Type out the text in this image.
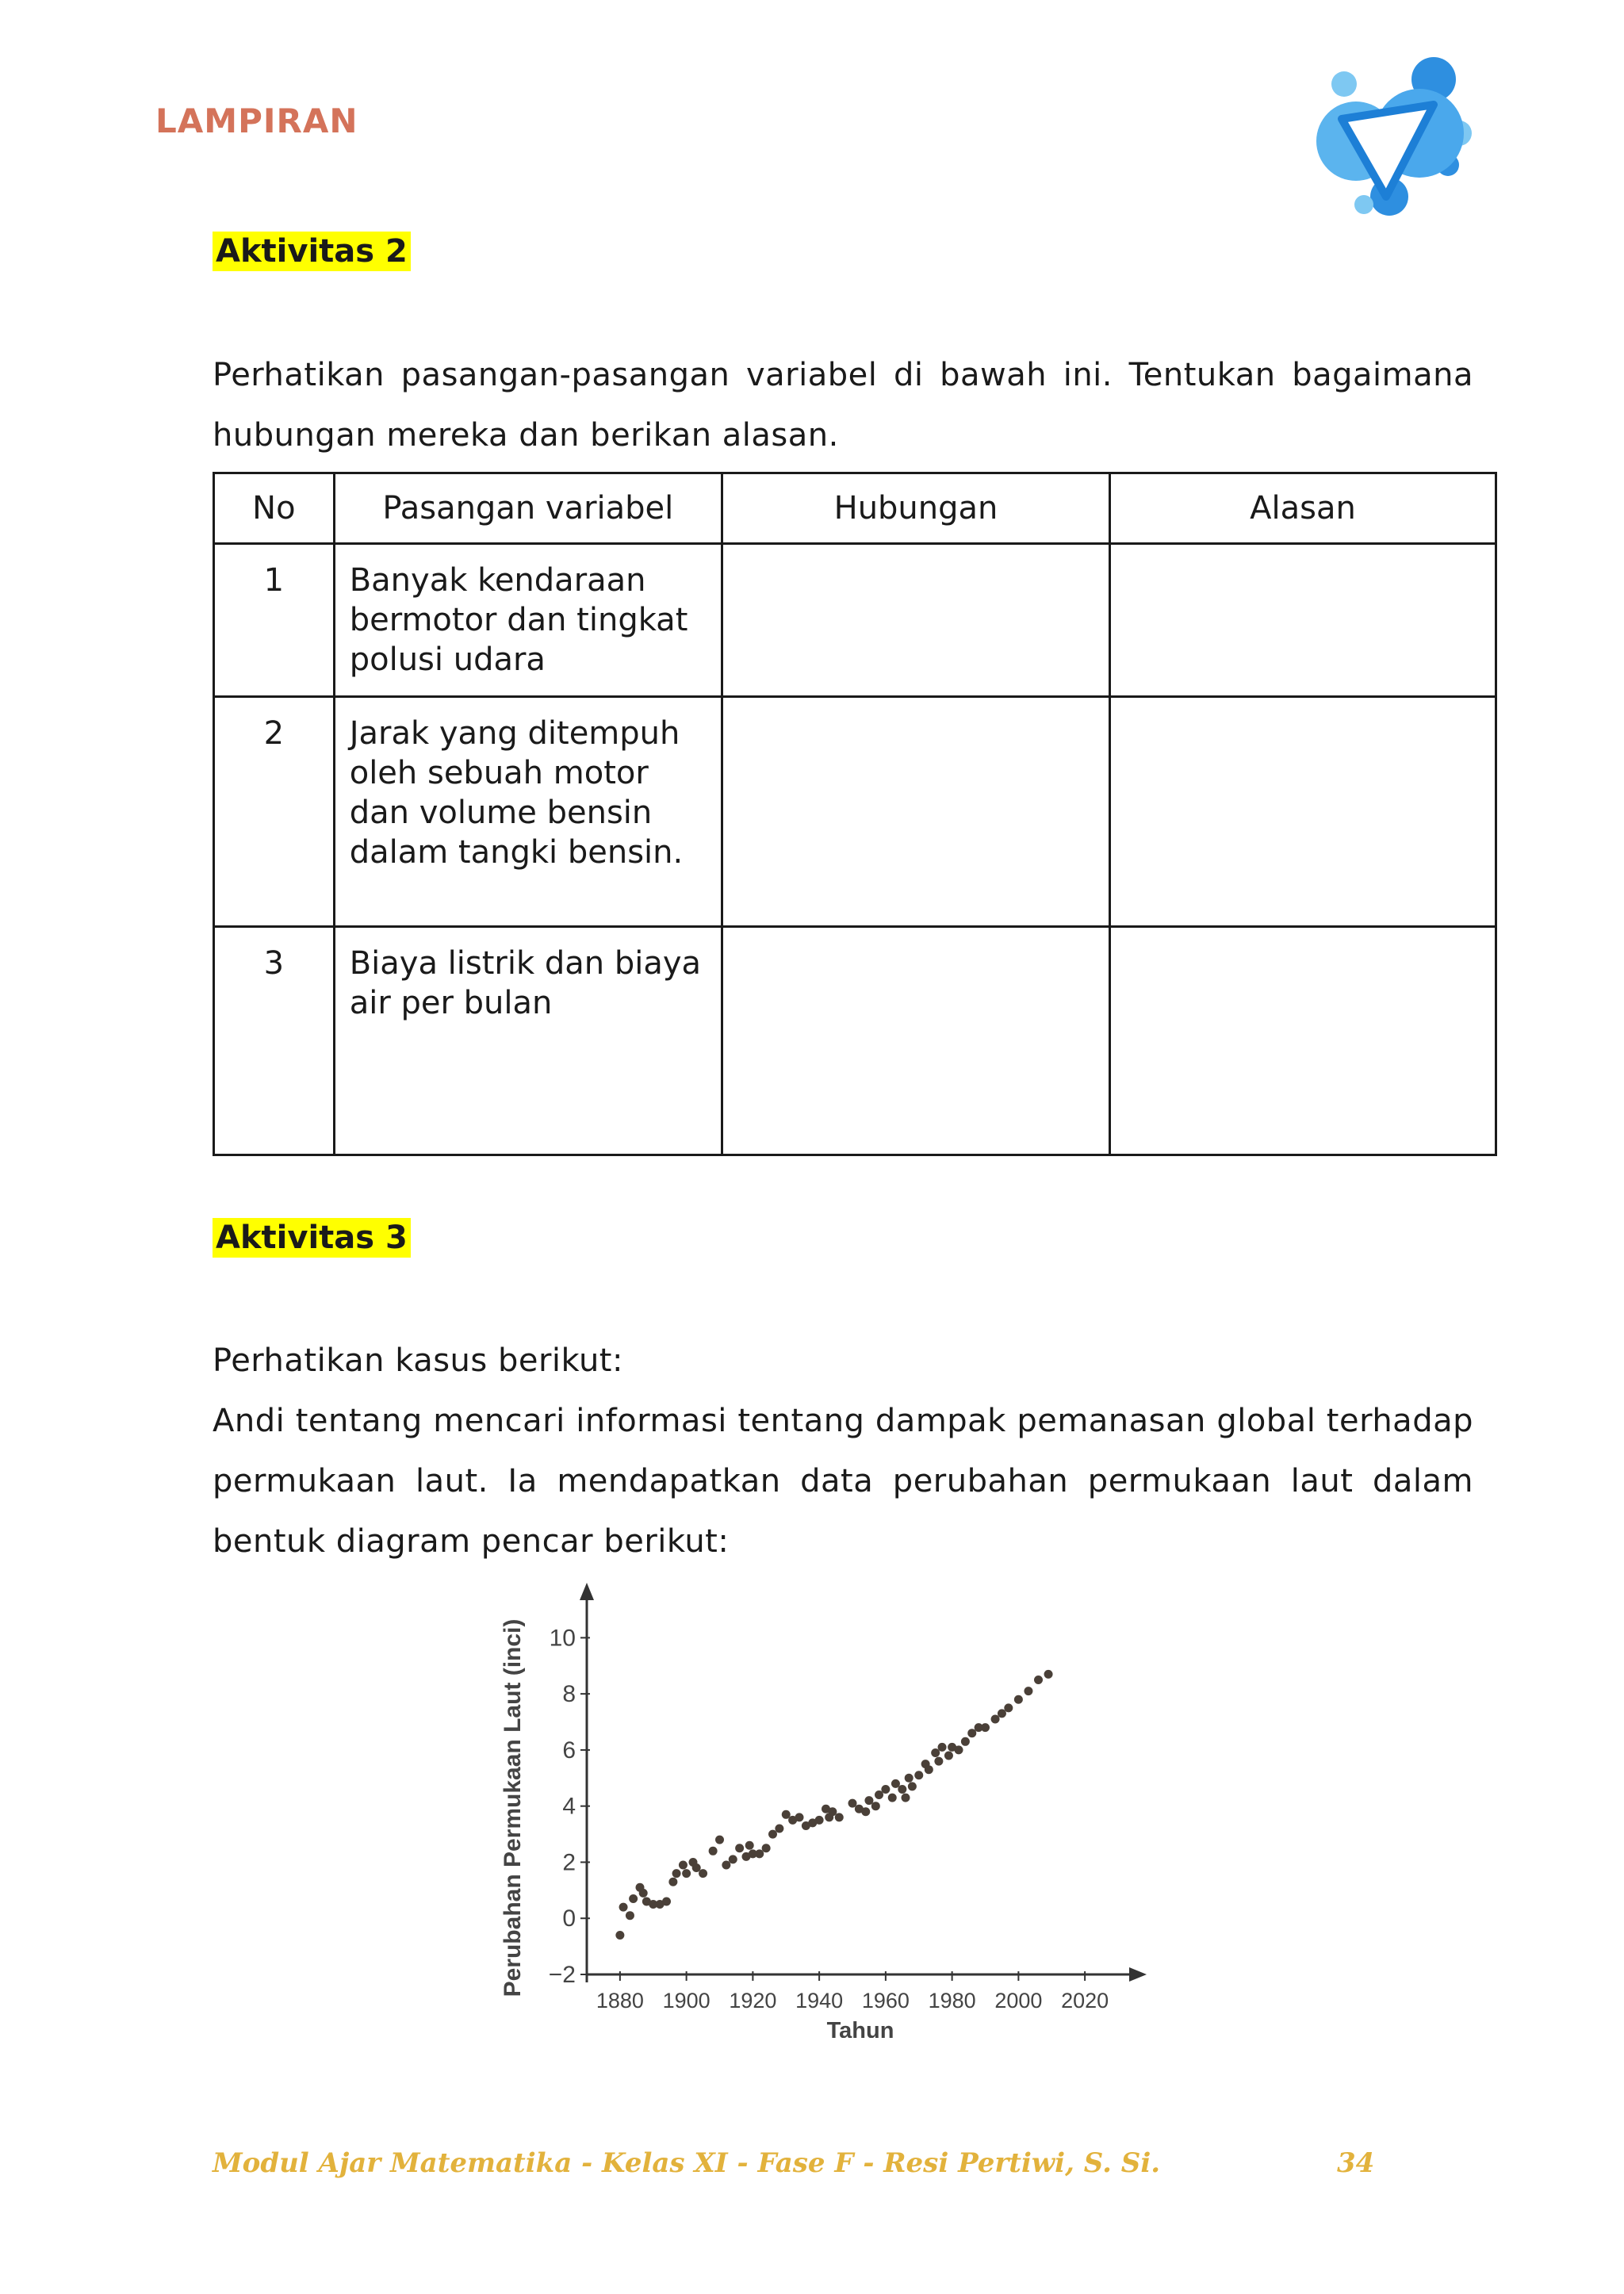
LAMPIRAN
Aktivitas 2

Perhatikan pasangan-pasangan variabel di bawah ini. Tentukan bagaimana hubungan mereka dan berikan alasan.

No	Pasangan variabel	Hubungan	Alasan
1	Banyak kendaraan bermotor dan tingkat polusi udara		
2	Jarak yang ditempuh oleh sebuah motor dan volume bensin dalam tangki bensin.		
3	Biaya listrik dan biaya air per bulan		
Aktivitas 3

Perhatikan kasus berikut:

Andi tentang mencari informasi tentang dampak pemanasan global terhadap permukaan laut. Ia mendapatkan data perubahan permukaan laut dalam bentuk diagram pencar berikut:

−2
0
2
4
6
8
10
1880 1900 1920 1940 1960 1980 2000 2020
Tahun
Perubahan Permukaan Laut (inci)
Modul Ajar Matematika - Kelas XI - Fase F - Resi Pertiwi, S. Si.	34
